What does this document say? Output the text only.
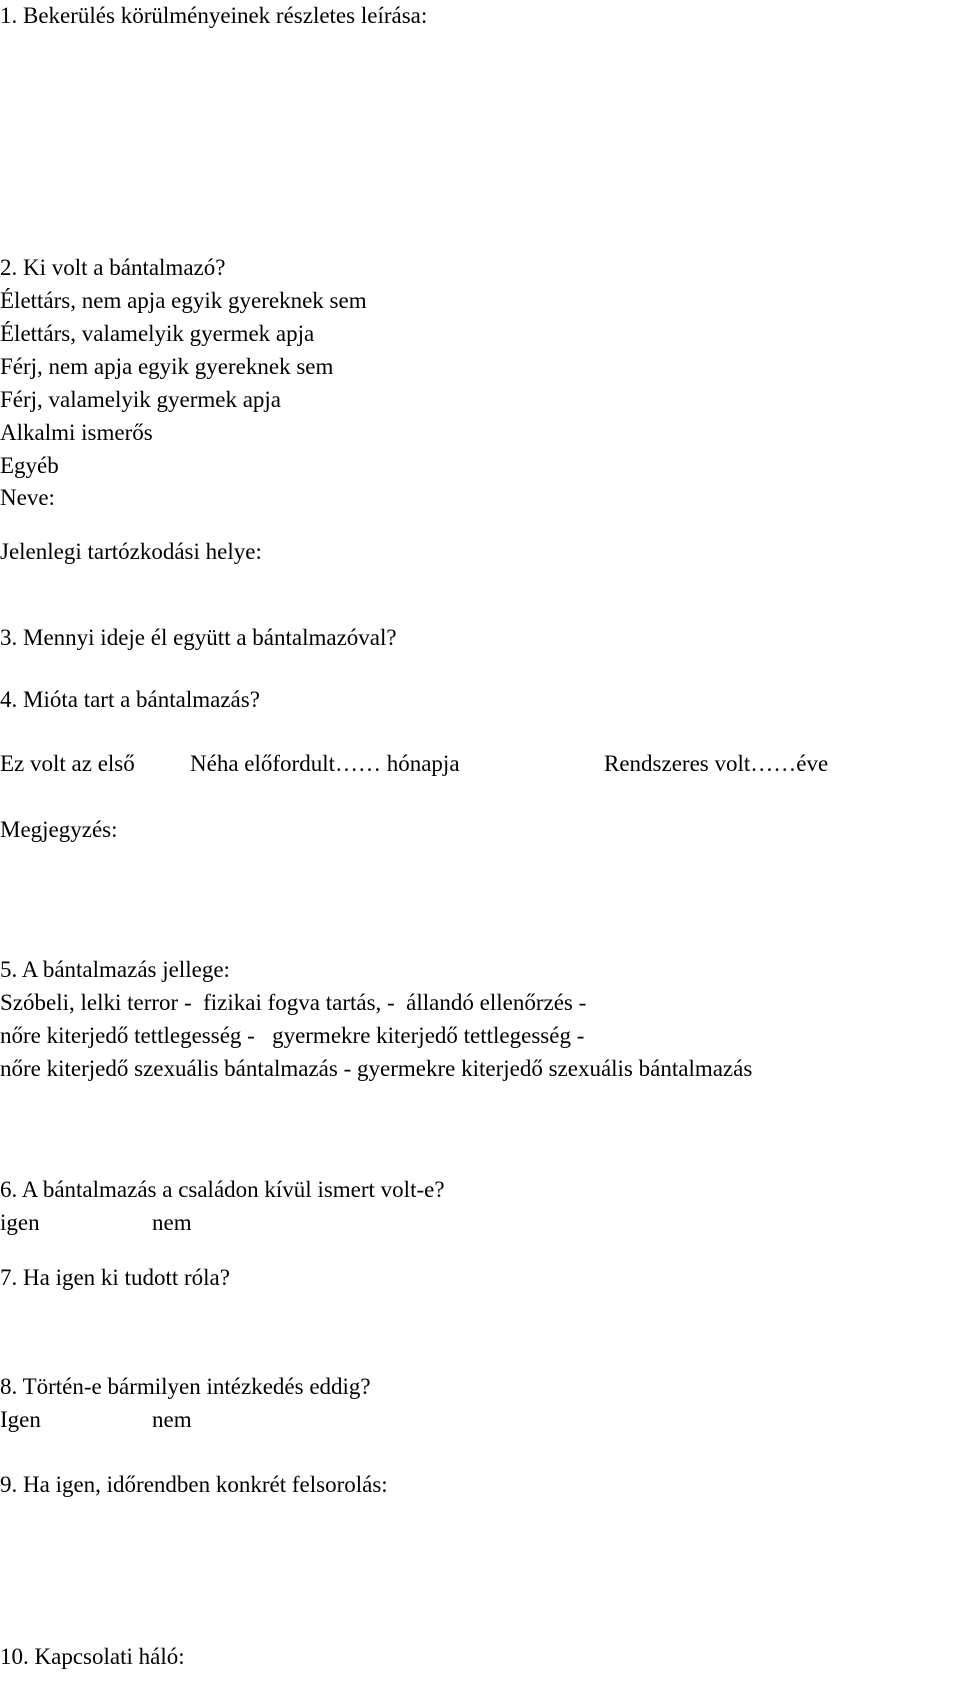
1. Bekerülés körülményeinek részletes leírása:
2. Ki volt a bántalmazó?
Élettárs, nem apja egyik gyereknek sem
Élettárs, valamelyik gyermek apja
Férj, nem apja egyik gyereknek sem
Férj, valamelyik gyermek apja
Alkalmi ismerős
Egyéb
Neve:
Jelenlegi tartózkodási helye:
3. Mennyi ideje él együtt a bántalmazóval?
4. Mióta tart a bántalmazás?
Ez volt az első Néha előfordult…… hónapja	Rendszeres volt……éve
Megjegyzés:
5. A bántalmazás jellege:
Szóbeli, lelki terror -  fizikai fogva tartás, -  állandó ellenőrzés -
nőre kiterjedő tettlegesség -   gyermekre kiterjedő tettlegesség -
nőre kiterjedő szexuális bántalmazás - gyermekre kiterjedő szexuális bántalmazás
6. A bántalmazás a családon kívül ismert volt-e?
igen	nem
7. Ha igen ki tudott róla?
8. Történ-e bármilyen intézkedés eddig?
Igen	nem
9. Ha igen, időrendben konkrét felsorolás:
10. Kapcsolati háló:
